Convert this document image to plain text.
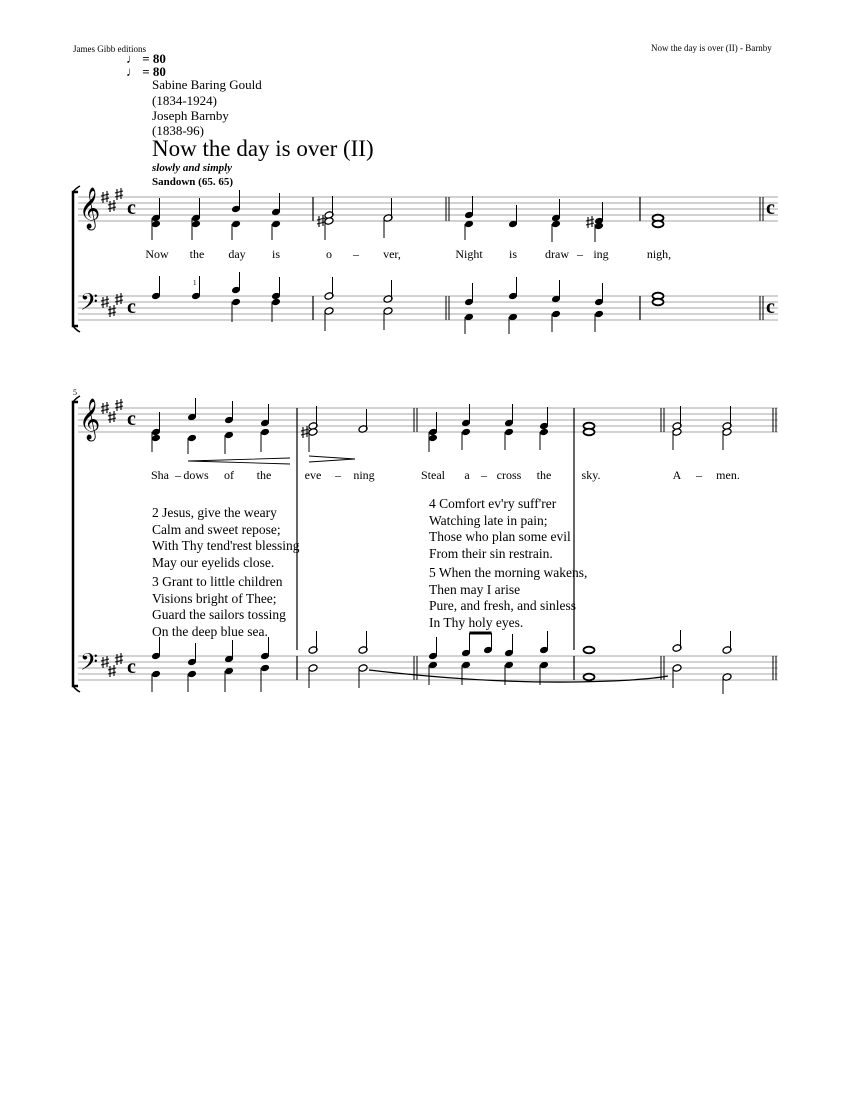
James Gibb editions	Now the day is over (II) - Barnby
♩ = 80
♩ = 80
Sabine Baring Gould
(1834-1924)
Joseph Barnby
(1838-96)
Now the day is over (II)
slowly and simply
Sandown (65. 65)
𝄞
𝄢
c
c
c
1
c
𝄞
𝄢
c
c
Now the day is	o – ver,	Night is draw – ing	nigh,
5
Sha – dows of the	eve – ning	Steal a – cross the	sky.	A – men.
2 Jesus, give the weary
Calm and sweet repose;
With Thy tend'rest blessing
May our eyelids close.
3 Grant to little children
Visions bright of Thee;
Guard the sailors tossing
On the deep blue sea.
4 Comfort ev'ry suff'rer
Watching late in pain;
Those who plan some evil
From their sin restrain.
5 When the morning wakens,
Then may I arise
Pure, and fresh, and sinless
In Thy holy eyes.
